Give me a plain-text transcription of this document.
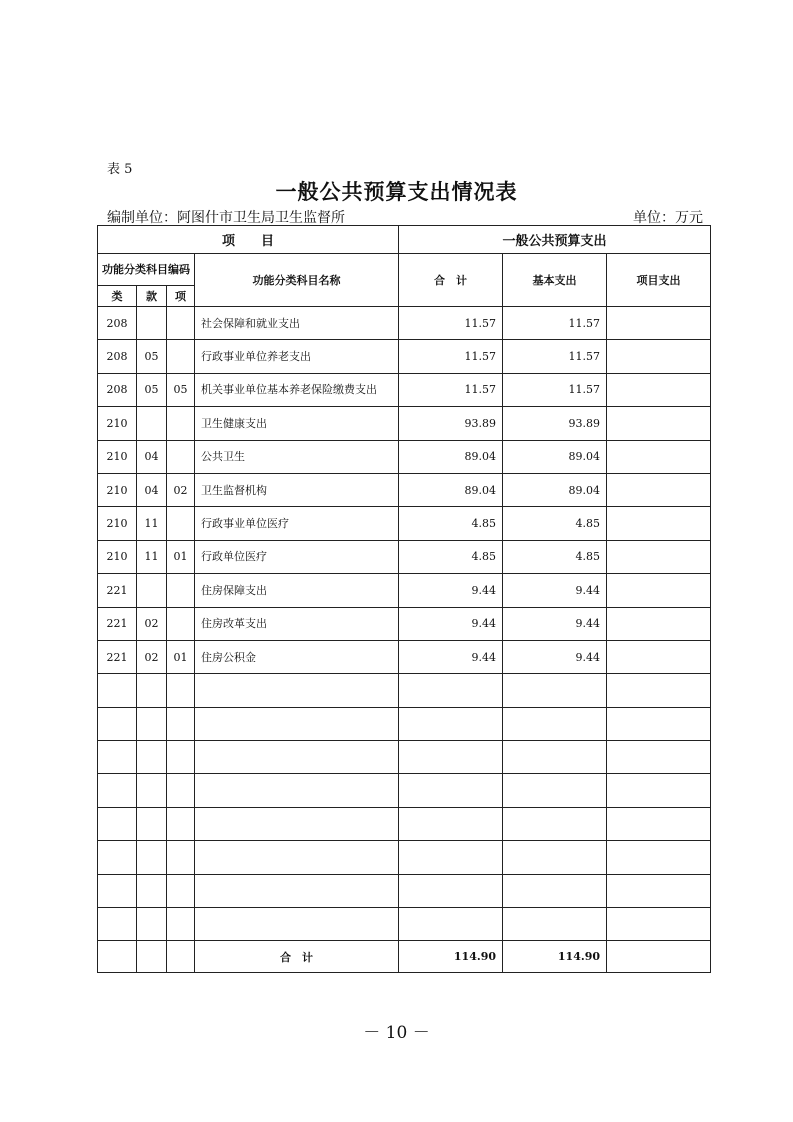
表 5
一般公共预算支出情况表
编制单位：阿图什市卫生局卫生监督所	单位：万元
项　　目				一般公共预算支出		
功能分类科目编码			功能分类科目名称	合　计	基本支出	项目支出
类	款	项				
208			社会保障和就业支出	11.57	11.57	
208	05		行政事业单位养老支出	11.57	11.57	
208	05	05	机关事业单位基本养老保险缴费支出	11.57	11.57	
210			卫生健康支出	93.89	93.89	
210	04		公共卫生	89.04	89.04	
210	04	02	卫生监督机构	89.04	89.04	
210	11		行政事业单位医疗	4.85	4.85	
210	11	01	行政单位医疗	4.85	4.85	
221			住房保障支出	9.44	9.44	
221	02		住房改革支出	9.44	9.44	
221	02	01	住房公积金	9.44	9.44	

			合　计	114.90	114.90	
－ 10 －
